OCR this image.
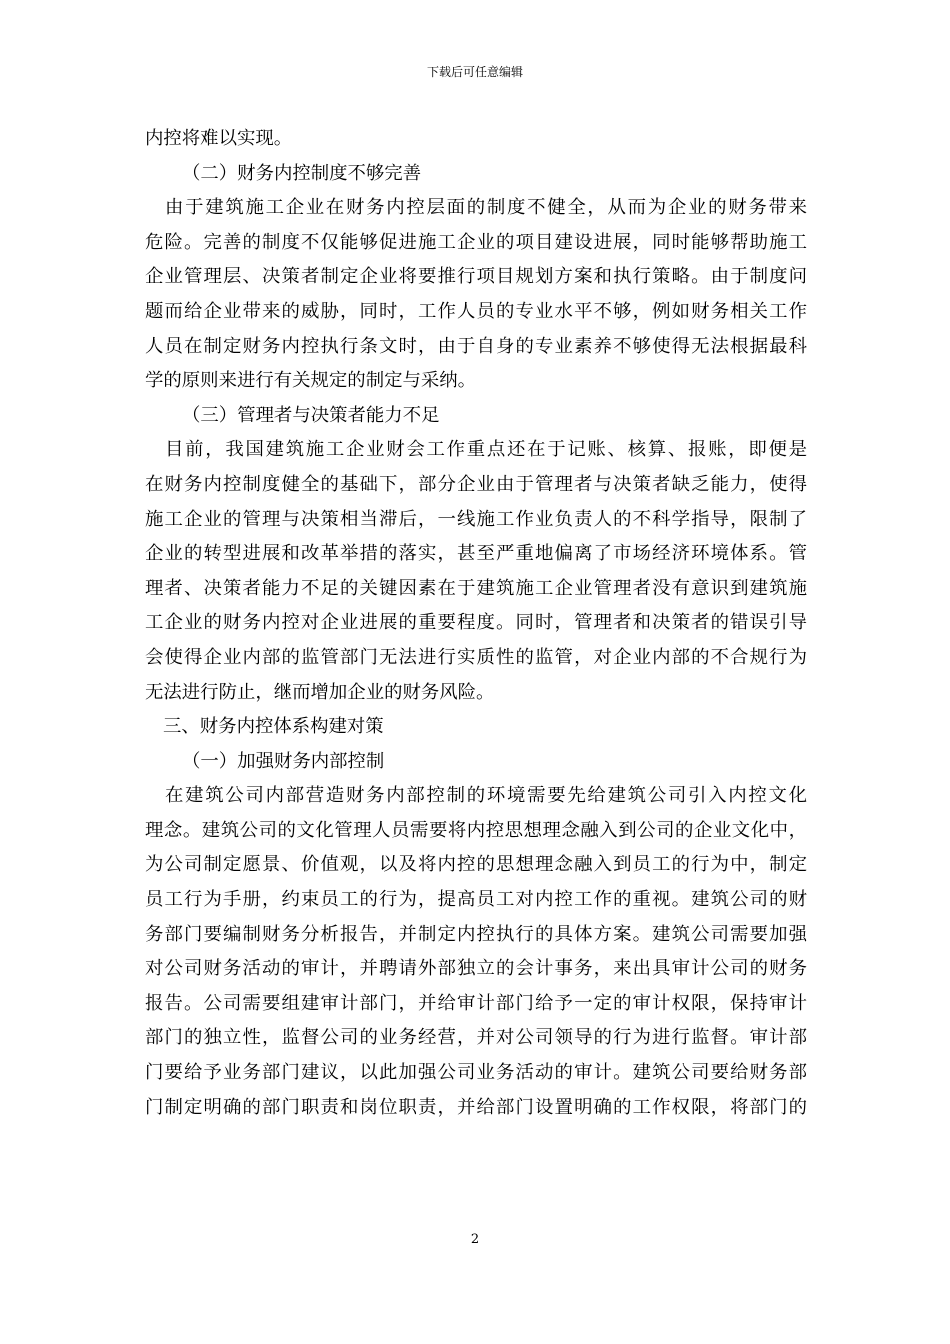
下载后可任意编辑
内控将难以实现。
（二）财务内控制度不够完善
由于建筑施工企业在财务内控层面的制度不健全，从而为企业的财务带来
危险。完善的制度不仅能够促进施工企业的项目建设进展，同时能够帮助施工
企业管理层、决策者制定企业将要推行项目规划方案和执行策略。由于制度问
题而给企业带来的威胁，同时，工作人员的专业水平不够，例如财务相关工作
人员在制定财务内控执行条文时，由于自身的专业素养不够使得无法根据最科
学的原则来进行有关规定的制定与采纳。
（三）管理者与决策者能力不足
目前，我国建筑施工企业财会工作重点还在于记账、核算、报账，即便是
在财务内控制度健全的基础下，部分企业由于管理者与决策者缺乏能力，使得
施工企业的管理与决策相当滞后，一线施工作业负责人的不科学指导，限制了
企业的转型进展和改革举措的落实，甚至严重地偏离了市场经济环境体系。管
理者、决策者能力不足的关键因素在于建筑施工企业管理者没有意识到建筑施
工企业的财务内控对企业进展的重要程度。同时，管理者和决策者的错误引导
会使得企业内部的监管部门无法进行实质性的监管，对企业内部的不合规行为
无法进行防止，继而增加企业的财务风险。
三、财务内控体系构建对策
（一）加强财务内部控制
在建筑公司内部营造财务内部控制的环境需要先给建筑公司引入内控文化
理念。建筑公司的文化管理人员需要将内控思想理念融入到公司的企业文化中，
为公司制定愿景、价值观，以及将内控的思想理念融入到员工的行为中，制定
员工行为手册，约束员工的行为，提高员工对内控工作的重视。建筑公司的财
务部门要编制财务分析报告，并制定内控执行的具体方案。建筑公司需要加强
对公司财务活动的审计，并聘请外部独立的会计事务，来出具审计公司的财务
报告。公司需要组建审计部门，并给审计部门给予一定的审计权限，保持审计
部门的独立性，监督公司的业务经营，并对公司领导的行为进行监督。审计部
门要给予业务部门建议，以此加强公司业务活动的审计。建筑公司要给财务部
门制定明确的部门职责和岗位职责，并给部门设置明确的工作权限，将部门的
2
